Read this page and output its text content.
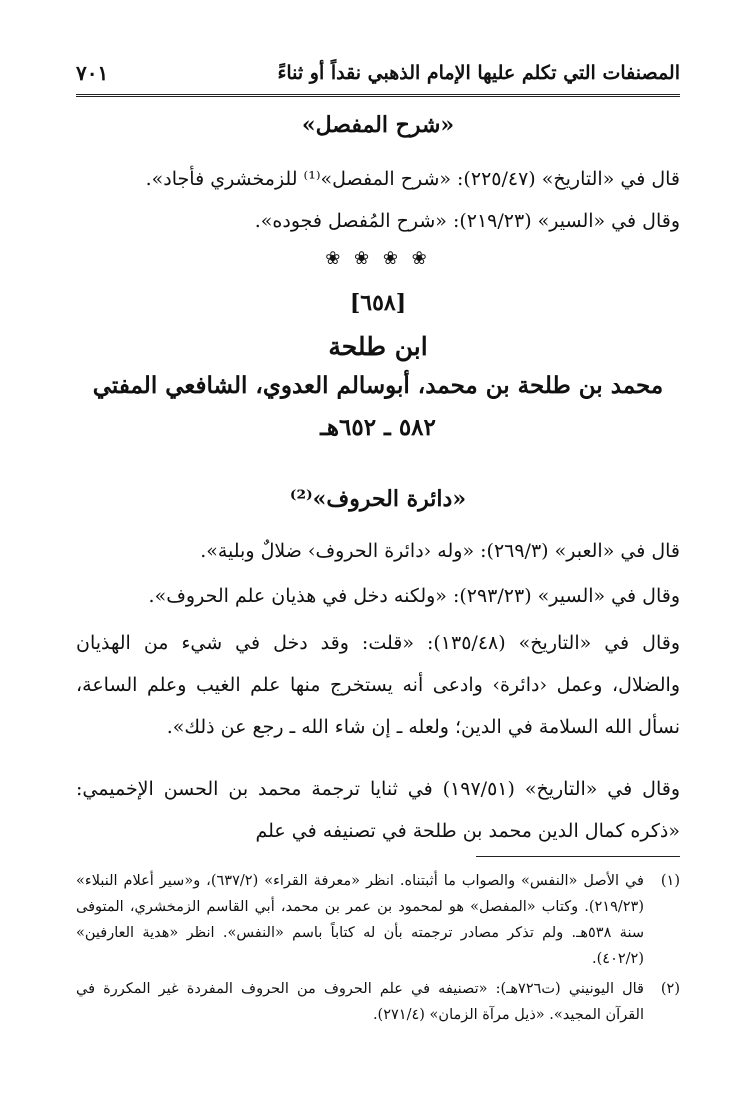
المصنفات التي تكلم عليها الإمام الذهبي نقداً أو ثناءً
٧٠١
«شرح المفصل»
قال في «التاريخ» (٢٢٥/٤٧): «شرح المفصل»⁽¹⁾ للزمخشري فأجاد».
وقال في «السير» (٢١٩/٢٣): «شرح المُفصل فجوده».
❀ ❀ ❀ ❀
[٦٥٨]
ابن طلحة
محمد بن طلحة بن محمد، أبوسالم العدوي، الشافعي المفتي
٥٨٢ ـ ٦٥٢هـ
«دائرة الحروف»⁽²⁾
قال في «العبر» (٢٦٩/٣): «وله ‹دائرة الحروف› ضلالٌ وبلية».
وقال في «السير» (٢٩٣/٢٣): «ولكنه دخل في هذيان علم الحروف».
وقال في «التاريخ» (١٣٥/٤٨): «قلت: وقد دخل في شيء من الهذيان والضلال، وعمل ‹دائرة› وادعى أنه يستخرج منها علم الغيب وعلم الساعة، نسأل الله السلامة في الدين؛ ولعله ـ إن شاء الله ـ رجع عن ذلك».
وقال في «التاريخ» (١٩٧/٥١) في ثنايا ترجمة محمد بن الحسن الإخميمي: «ذكره كمال الدين محمد بن طلحة في تصنيفه في علم
(١)
في الأصل «النفس» والصواب ما أثبتناه. انظر «معرفة القراء» (٦٣٧/٢)، و«سير أعلام النبلاء» (٢١٩/٢٣). وكتاب «المفصل» هو لمحمود بن عمر بن محمد، أبي القاسم الزمخشري، المتوفى سنة ٥٣٨هـ. ولم تذكر مصادر ترجمته بأن له كتاباً باسم «النفس». انظر «هدية العارفين» (٤٠٢/٢).
(٢)
قال اليونيني (ت٧٢٦هـ): «تصنيفه في علم الحروف من الحروف المفردة غير المكررة في القرآن المجيد». «ذيل مرآة الزمان» (٢٧١/٤).
